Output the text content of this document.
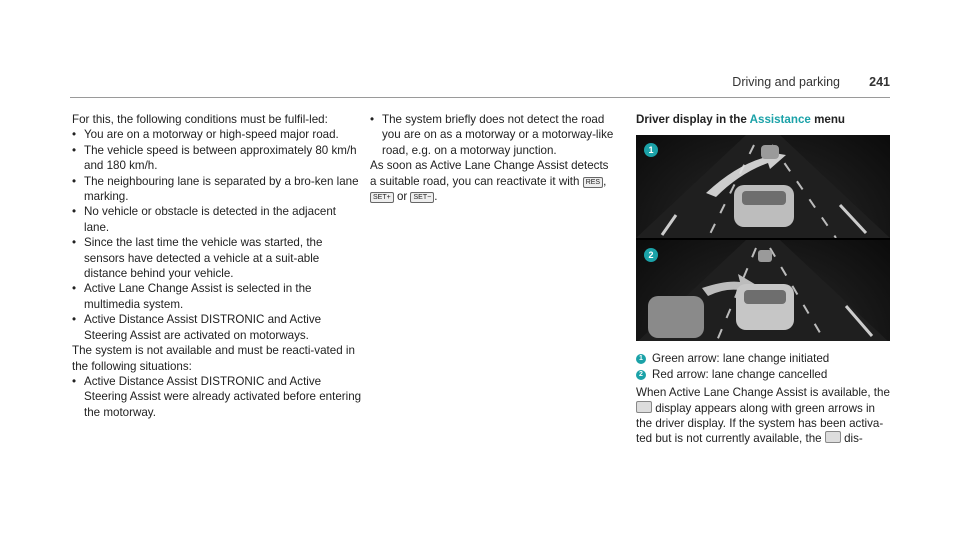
Driving and parking 241

For this, the following conditions must be fulfil-led:

• You are on a motorway or high-speed major road.
• The vehicle speed is between approximately 80 km/h and 180 km/h.
• The neighbouring lane is separated by a bro-ken lane marking.
• No vehicle or obstacle is detected in the adjacent lane.
• Since the last time the vehicle was started, the sensors have detected a vehicle at a suit-able distance behind your vehicle.
• Active Lane Change Assist is selected in the multimedia system.
• Active Distance Assist DISTRONIC and Active Steering Assist are activated on motorways.

The system is not available and must be reacti-vated in the following situations:

• Active Distance Assist DISTRONIC and Active Steering Assist were already activated before entering the motorway.
• The system briefly does not detect the road you are on as a motorway or a motorway-like road, e.g. on a motorway junction.

As soon as Active Lane Change Assist detects a suitable road, you can reactivate it with RES , SET+ or SET− .

Driver display in the Assistance menu
1
2
1 Green arrow: lane change initiated
2 Red arrow: lane change cancelled

When Active Lane Change Assist is available, the  display appears along with green arrows in the driver display. If the system has been activa-ted but is not currently available, the dis-
